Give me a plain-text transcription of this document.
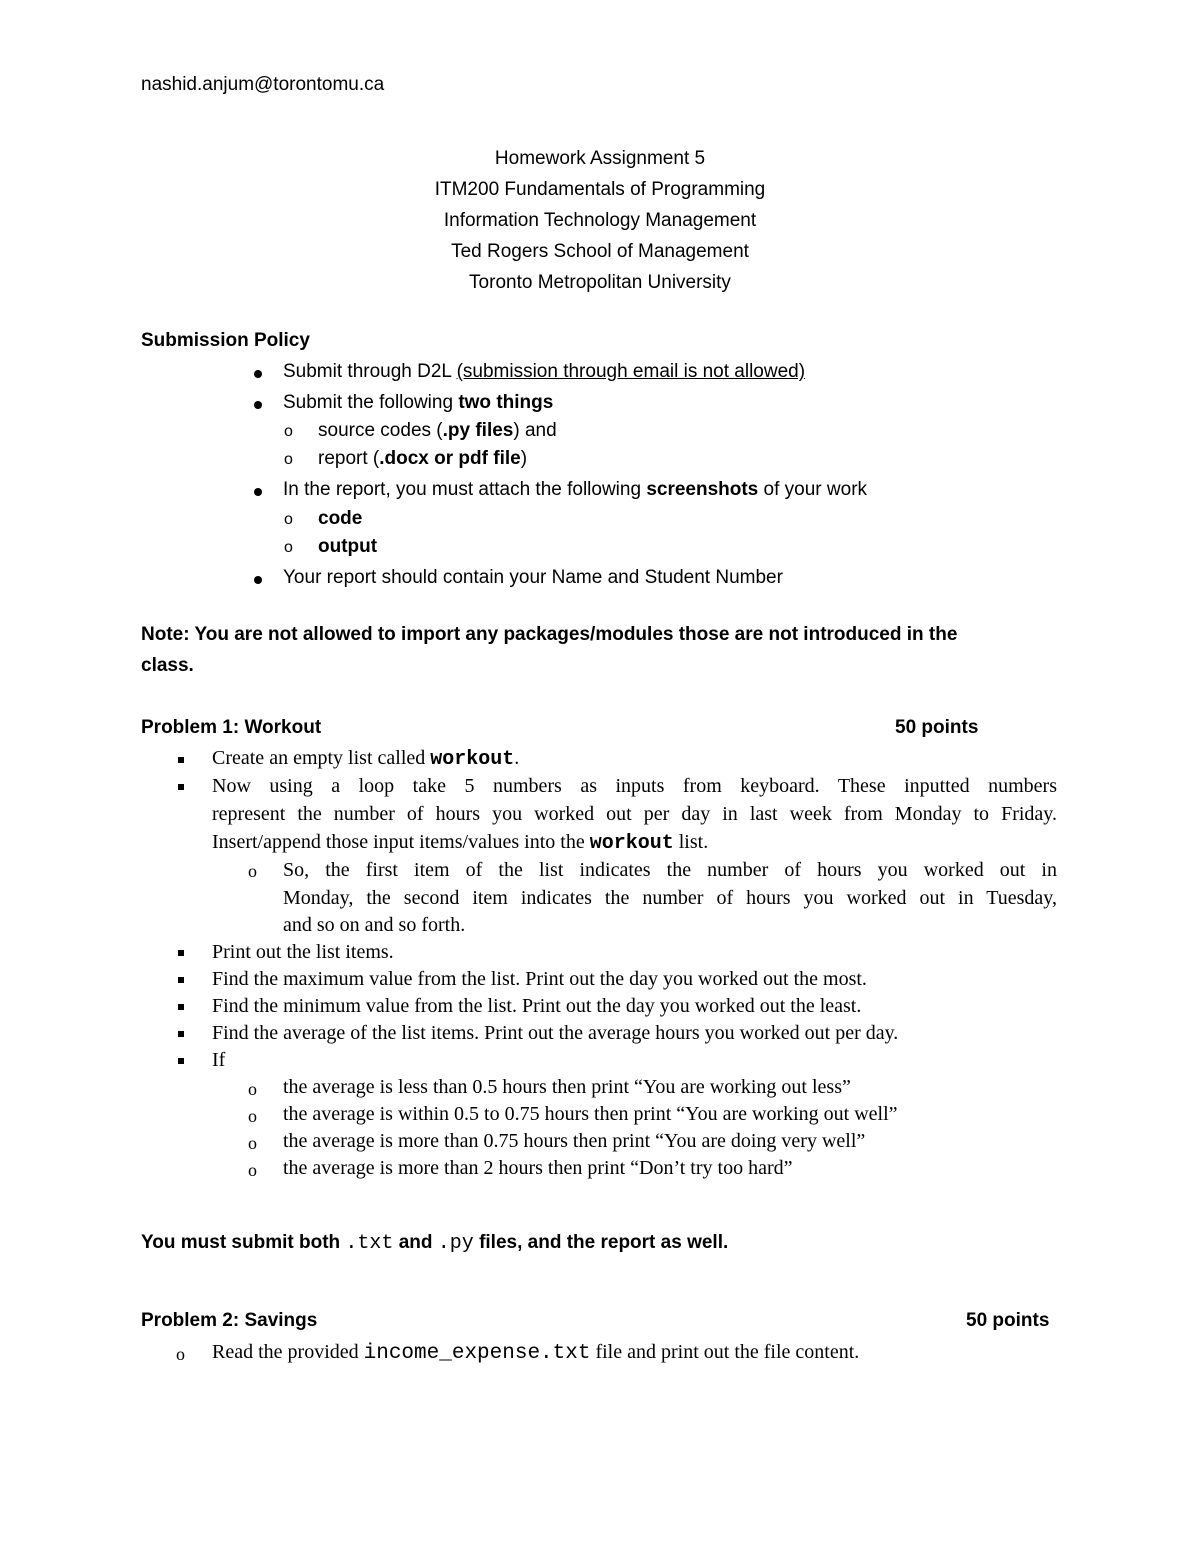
nashid.anjum@torontomu.ca
Homework Assignment 5
ITM200 Fundamentals of Programming
Information Technology Management
Ted Rogers School of Management
Toronto Metropolitan University
Submission Policy
Submit through D2L (submission through email is not allowed)
Submit the following two things
o source codes (.py files) and
o report (.docx or pdf file)
In the report, you must attach the following screenshots of your work
o code
o output
Your report should contain your Name and Student Number
Note: You are not allowed to import any packages/modules those are not introduced in the
class.
Problem 1: Workout	50 points
Create an empty list called workout.
Now using a loop take 5 numbers as inputs from keyboard. These inputted numbers
represent the number of hours you worked out per day in last week from Monday to Friday.
Insert/append those input items/values into the workout list.
o So, the first item of the list indicates the number of hours you worked out in
Monday, the second item indicates the number of hours you worked out in Tuesday,
and so on and so forth.
Print out the list items.
Find the maximum value from the list. Print out the day you worked out the most.
Find the minimum value from the list. Print out the day you worked out the least.
Find the average of the list items. Print out the average hours you worked out per day.
If
o the average is less than 0.5 hours then print “You are working out less”
o the average is within 0.5 to 0.75 hours then print “You are working out well”
o the average is more than 0.75 hours then print “You are doing very well”
o the average is more than 2 hours then print “Don’t try too hard”
You must submit both .txt and .py files, and the report as well.
Problem 2: Savings	50 points
o Read the provided income_expense.txt file and print out the file content.
